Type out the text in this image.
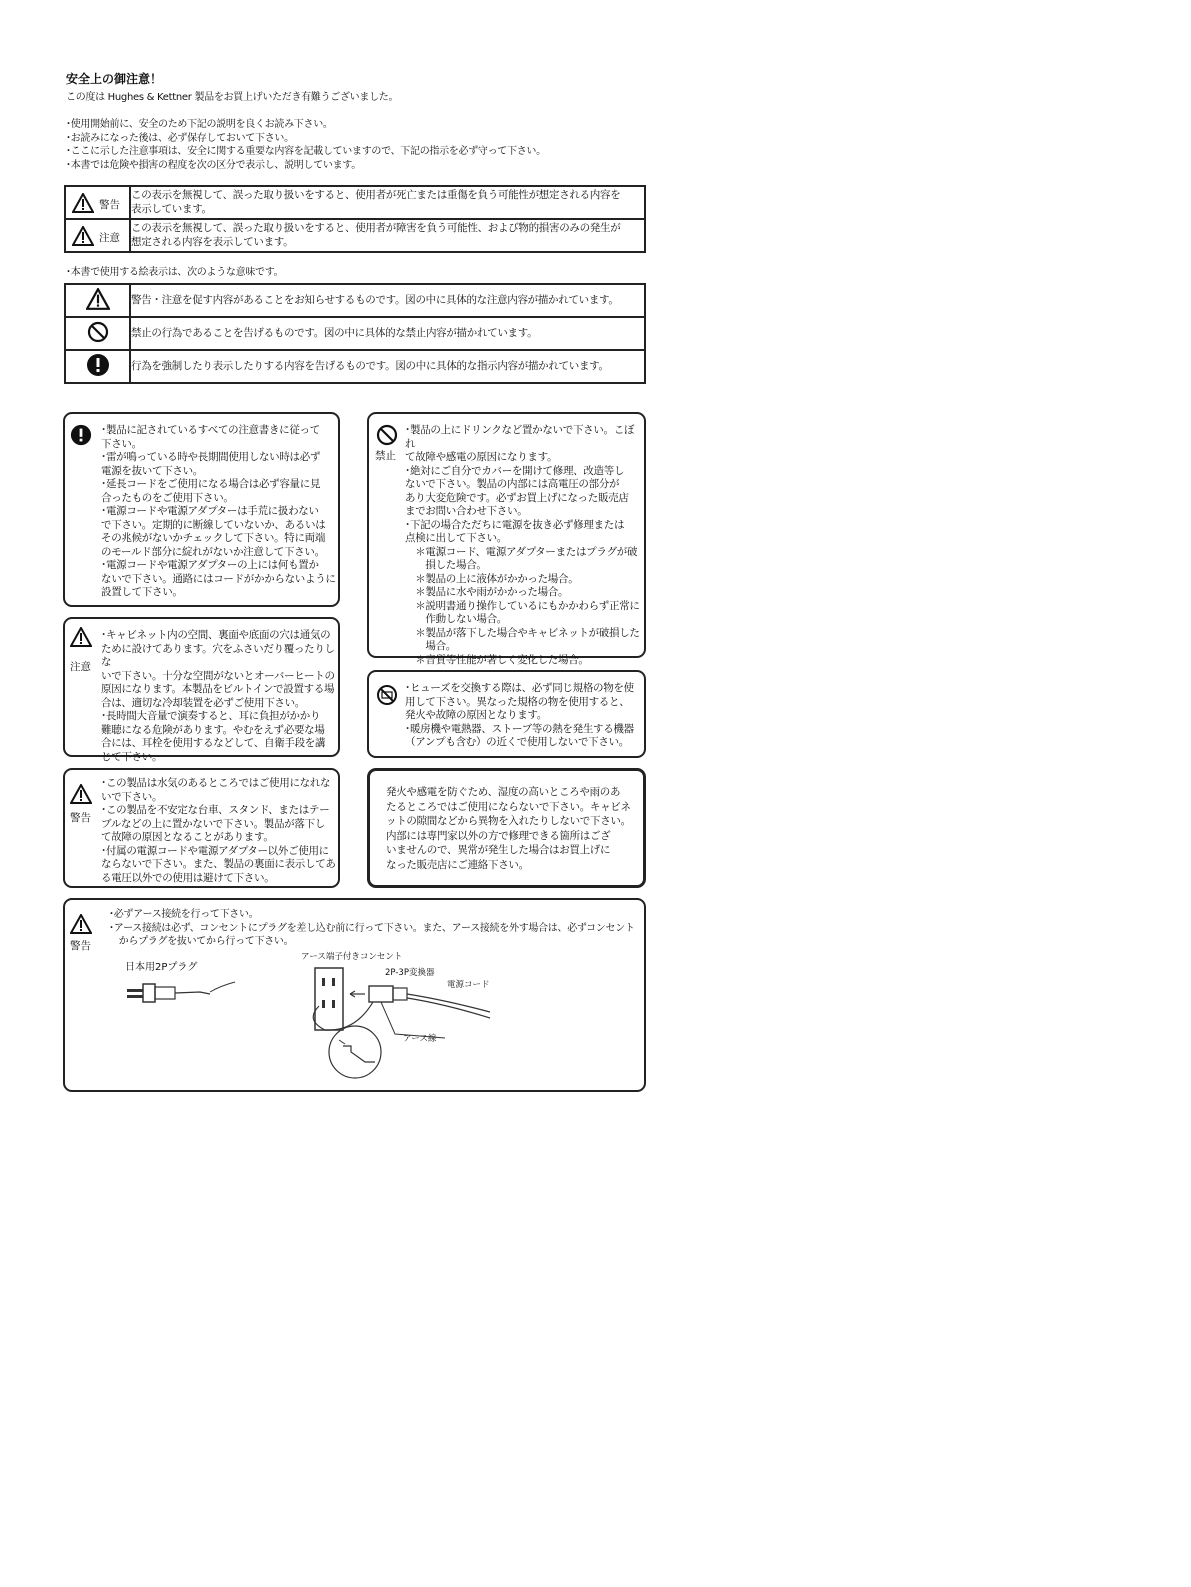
安全上の御注意！
この度は Hughes & Kettner 製品をお買上げいただき有難うございました。
･使用開始前に、安全のため下記の説明を良くお読み下さい。
･お読みになった後は、必ず保存しておいて下さい。
･ここに示した注意事項は、安全に関する重要な内容を記載していますので、下記の指示を必ず守って下さい。
･本書では危険や損害の程度を次の区分で表示し、説明しています。
警告	この表示を無視して、誤った取り扱いをすると、使用者が死亡または重傷を負う可能性が想定される内容を
表示しています。

注意	この表示を無視して、誤った取り扱いをすると、使用者が障害を負う可能性、および物的損害のみの発生が
想定される内容を表示しています。
･本書で使用する絵表示は、次のような意味です。
	警告・注意を促す内容があることをお知らせするものです。図の中に具体的な注意内容が描かれています。
	禁止の行為であることを告げるものです。図の中に具体的な禁止内容が描かれています。
	行為を強制したり表示したりする内容を告げるものです。図の中に具体的な指示内容が描かれています。
･製品に記されているすべての注意書きに従って
下さい。
･雷が鳴っている時や長期間使用しない時は必ず
電源を抜いて下さい。
･延長コードをご使用になる場合は必ず容量に見
合ったものをご使用下さい。
･電源コードや電源アダプターは手荒に扱わない
で下さい。定期的に断線していないか、あるいは
その兆候がないかチェックして下さい。特に両端
のモールド部分に綻れがないか注意して下さい。
･電源コードや電源アダプターの上には何も置か
ないで下さい。通路にはコードがかからないように
設置して下さい。
注意
･キャビネット内の空間、裏面や底面の穴は通気の
ために設けてあります。穴をふさいだり覆ったりしな
いで下さい。十分な空間がないとオーバーヒートの
原因になります。本製品をビルトインで設置する場
合は、適切な冷却装置を必ずご使用下さい。
･長時間大音量で演奏すると、耳に負担がかかり
難聴になる危険があります。やむをえず必要な場
合には、耳栓を使用するなどして、自衛手段を講
じて下さい。
警告
･この製品は水気のあるところではご使用になれな
いで下さい。
･この製品を不安定な台車、スタンド、またはテー
ブルなどの上に置かないで下さい。製品が落下し
て故障の原因となることがあります。
･付属の電源コードや電源アダプター以外ご使用に
ならないで下さい。また、製品の裏面に表示してあ
る電圧以外での使用は避けて下さい。
禁止
･製品の上にドリンクなど置かないで下さい。こぼれ
て故障や感電の原因になります。
･絶対にご自分でカバーを開けて修理、改造等し
ないで下さい。製品の内部には高電圧の部分が
あり大変危険です。必ずお買上げになった販売店
までお問い合わせ下さい。
･下記の場合ただちに電源を抜き必ず修理または
点検に出して下さい。
　＊電源コード、電源アダプターまたはプラグが破
　　損した場合。
　＊製品の上に液体がかかった場合。
　＊製品に水や雨がかかった場合。
　＊説明書通り操作しているにもかかわらず正常に
　　作動しない場合。
　＊製品が落下した場合やキャビネットが破損した
　　場合。
　＊音質等性能が著しく変化した場合。
･ヒューズを交換する際は、必ず同じ規格の物を使
用して下さい。異なった規格の物を使用すると、
発火や故障の原因となります。
･暖房機や電熱器、ストーブ等の熱を発生する機器
（アンプも含む）の近くで使用しないで下さい。
発火や感電を防ぐため、湿度の高いところや雨のあ
たるところではご使用にならないで下さい。キャビネ
ットの隙間などから異物を入れたりしないで下さい。
内部には専門家以外の方で修理できる箇所はござ
いませんので、異常が発生した場合はお買上げに
なった販売店にご連絡下さい。
警告
･必ずアース接続を行って下さい。
･アース接続は必ず、コンセントにプラグを差し込む前に行って下さい。また、アース接続を外す場合は、必ずコンセント
　からプラグを抜いてから行って下さい。
日本用2Pプラグ
アース端子付きコンセント
2P-3P変換器
電源コード
アース線
